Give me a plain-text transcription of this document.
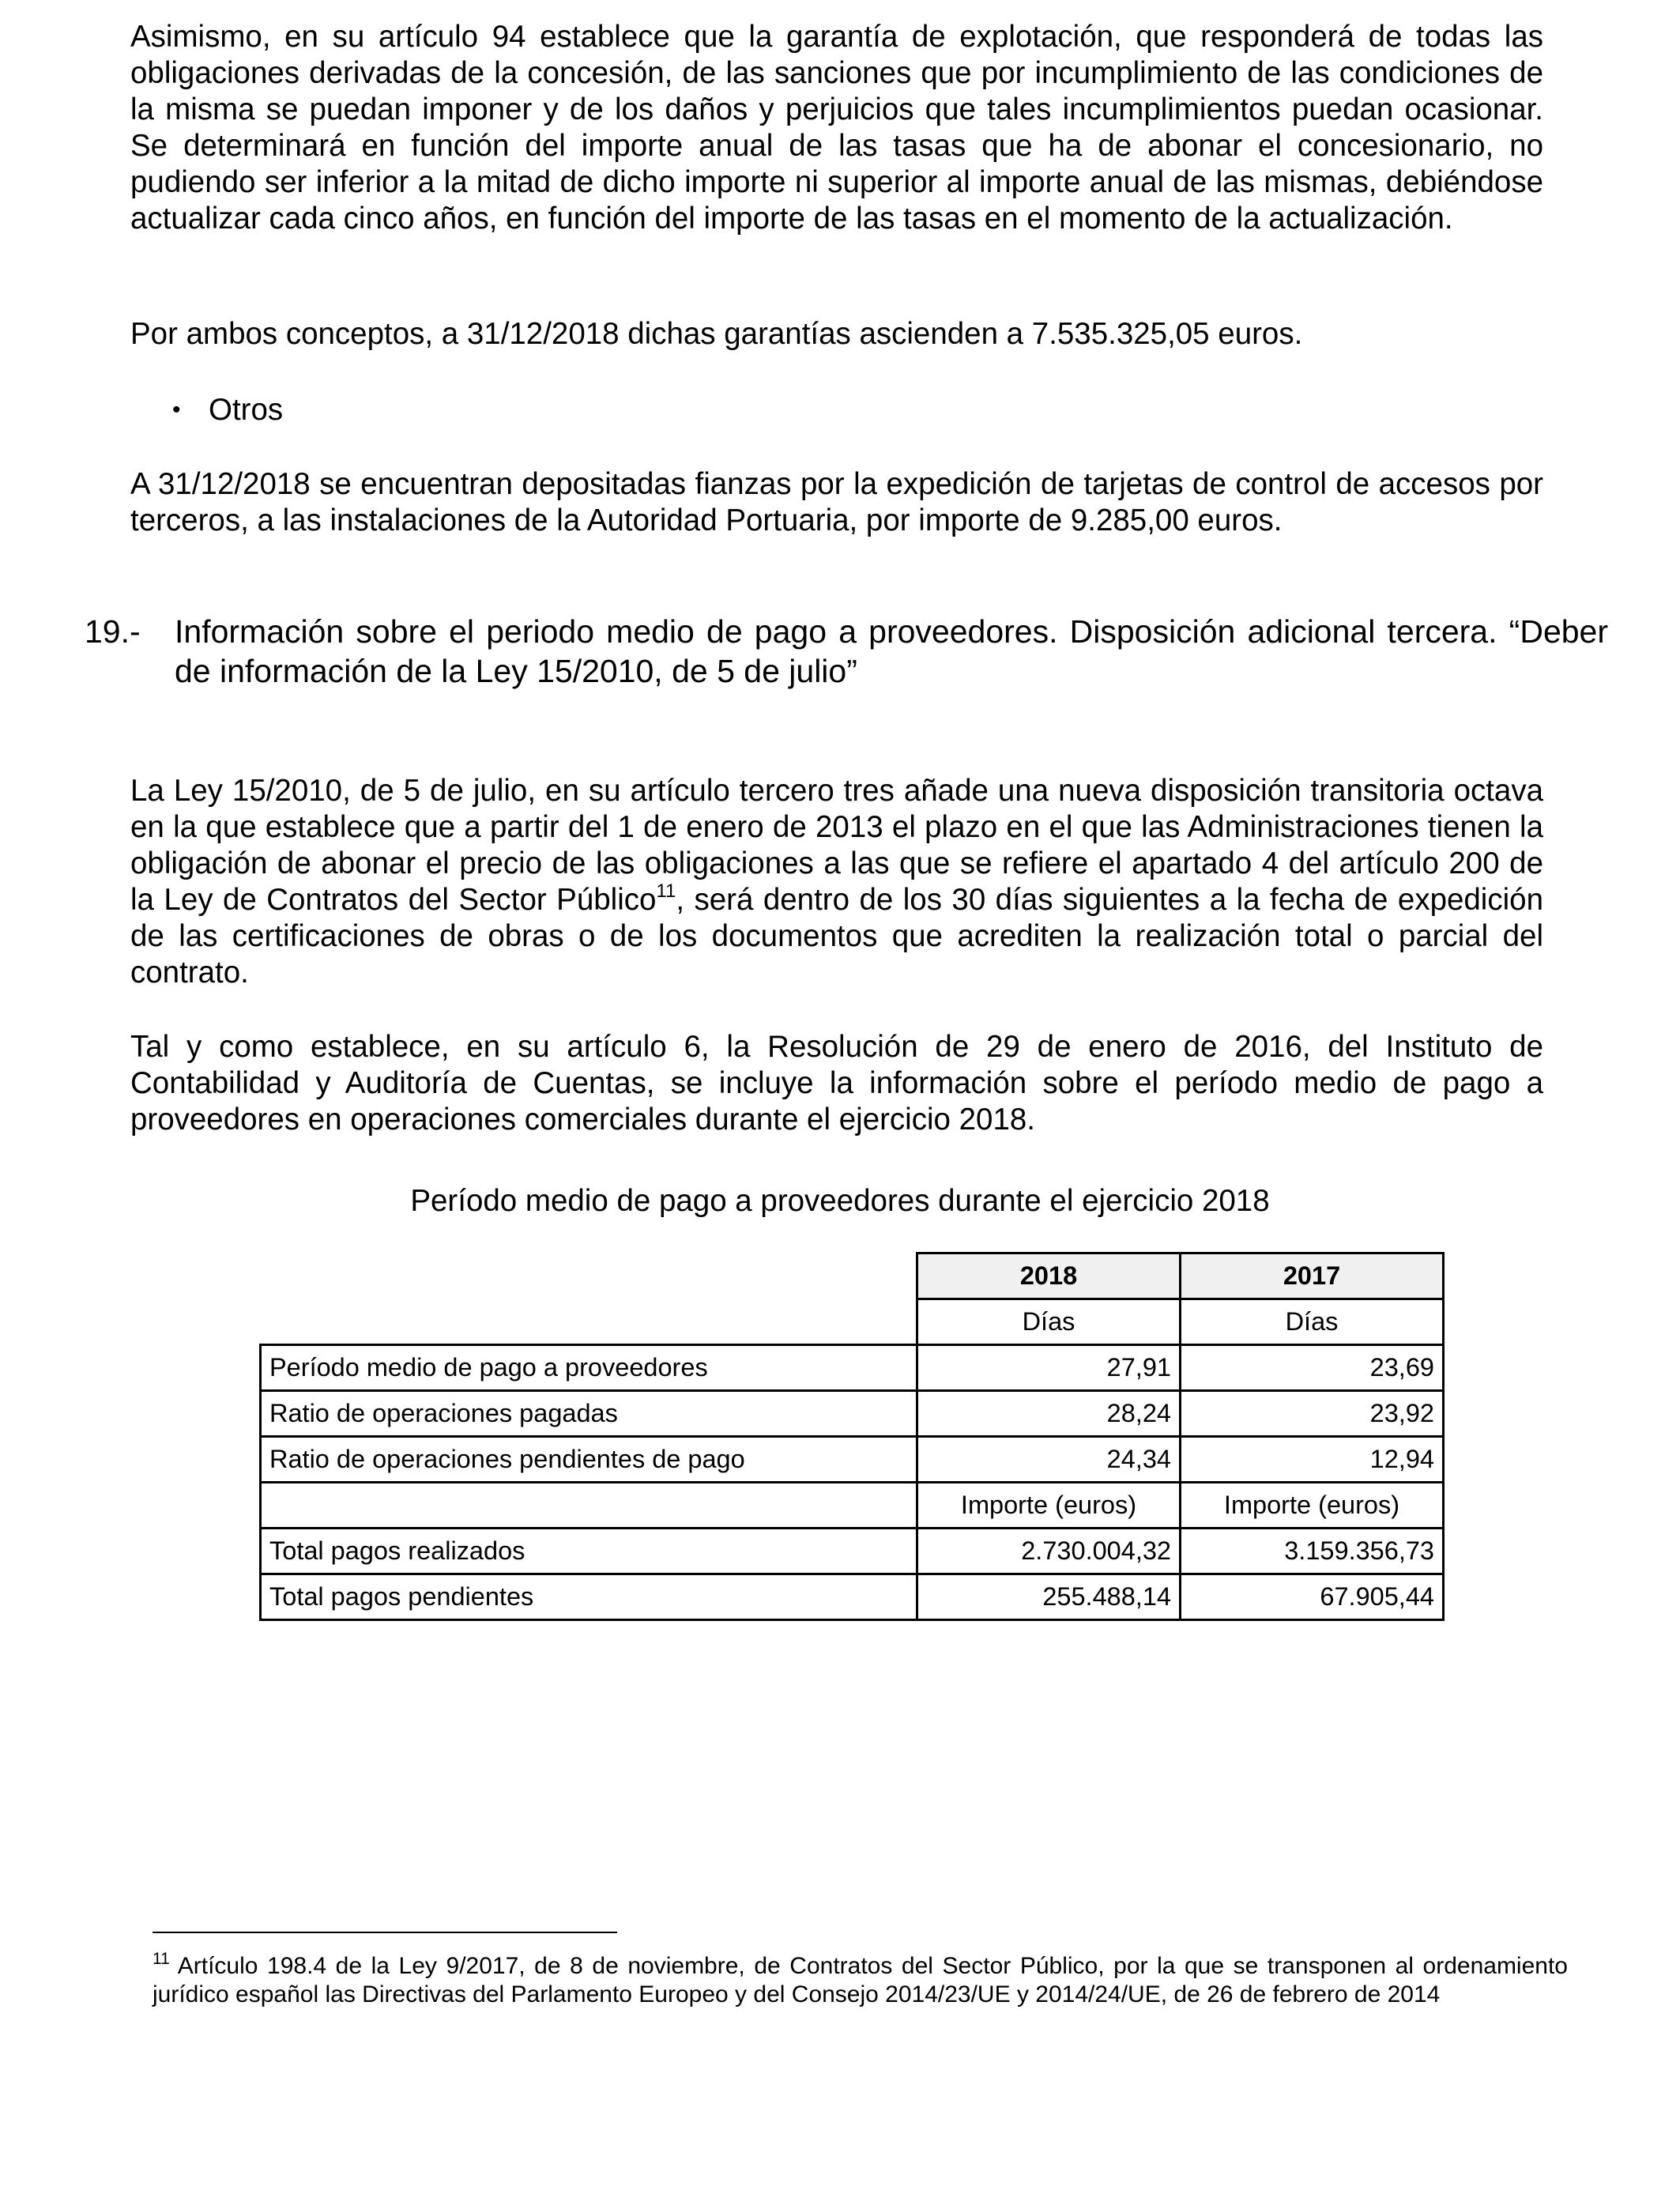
Asimismo, en su artículo 94 establece que la garantía de explotación, que responderá de todas las obligaciones derivadas de la concesión, de las sanciones que por incumplimiento de las condiciones de la misma se puedan imponer y de los daños y perjuicios que tales incumplimientos puedan ocasionar. Se determinará en función del importe anual de las tasas que ha de abonar el concesionario, no pudiendo ser inferior a la mitad de dicho importe ni superior al importe anual de las mismas, debiéndose actualizar cada cinco años, en función del importe de las tasas en el momento de la actualización.

Por ambos conceptos, a 31/12/2018 dichas garantías ascienden a 7.535.325,05 euros.

• Otros

A 31/12/2018 se encuentran depositadas fianzas por la expedición de tarjetas de control de accesos por terceros, a las instalaciones de la Autoridad Portuaria, por importe de 9.285,00 euros.

19.- Información sobre el periodo medio de pago a proveedores. Disposición adicional tercera. “Deber de información de la Ley 15/2010, de 5 de julio”

La Ley 15/2010, de 5 de julio, en su artículo tercero tres añade una nueva disposición transitoria octava en la que establece que a partir del 1 de enero de 2013 el plazo en el que las Administraciones tienen la obligación de abonar el precio de las obligaciones a las que se refiere el apartado 4 del artículo 200 de la Ley de Contratos del Sector Público$^{11}$, será dentro de los 30 días siguientes a la fecha de expedición de las certificaciones de obras o de los documentos que acrediten la realización total o parcial del contrato.

Tal y como establece, en su artículo 6, la Resolución de 29 de enero de 2016, del Instituto de Contabilidad y Auditoría de Cuentas, se incluye la información sobre el período medio de pago a proveedores en operaciones comerciales durante el ejercicio 2018.

Período medio de pago a proveedores durante el ejercicio 2018
	2018	2017
	Días	Días
Período medio de pago a proveedores	27,91	23,69
Ratio de operaciones pagadas	28,24	23,92
Ratio de operaciones pendientes de pago	24,34	12,94
	Importe (euros)	Importe (euros)
Total pagos realizados	2.730.004,32	3.159.356,73
Total pagos pendientes	255.488,14	67.905,44

$^{11}$ Artículo 198.4 de la Ley 9/2017, de 8 de noviembre, de Contratos del Sector Público, por la que se transponen al ordenamiento jurídico español las Directivas del Parlamento Europeo y del Consejo 2014/23/UE y 2014/24/UE, de 26 de febrero de 2014
